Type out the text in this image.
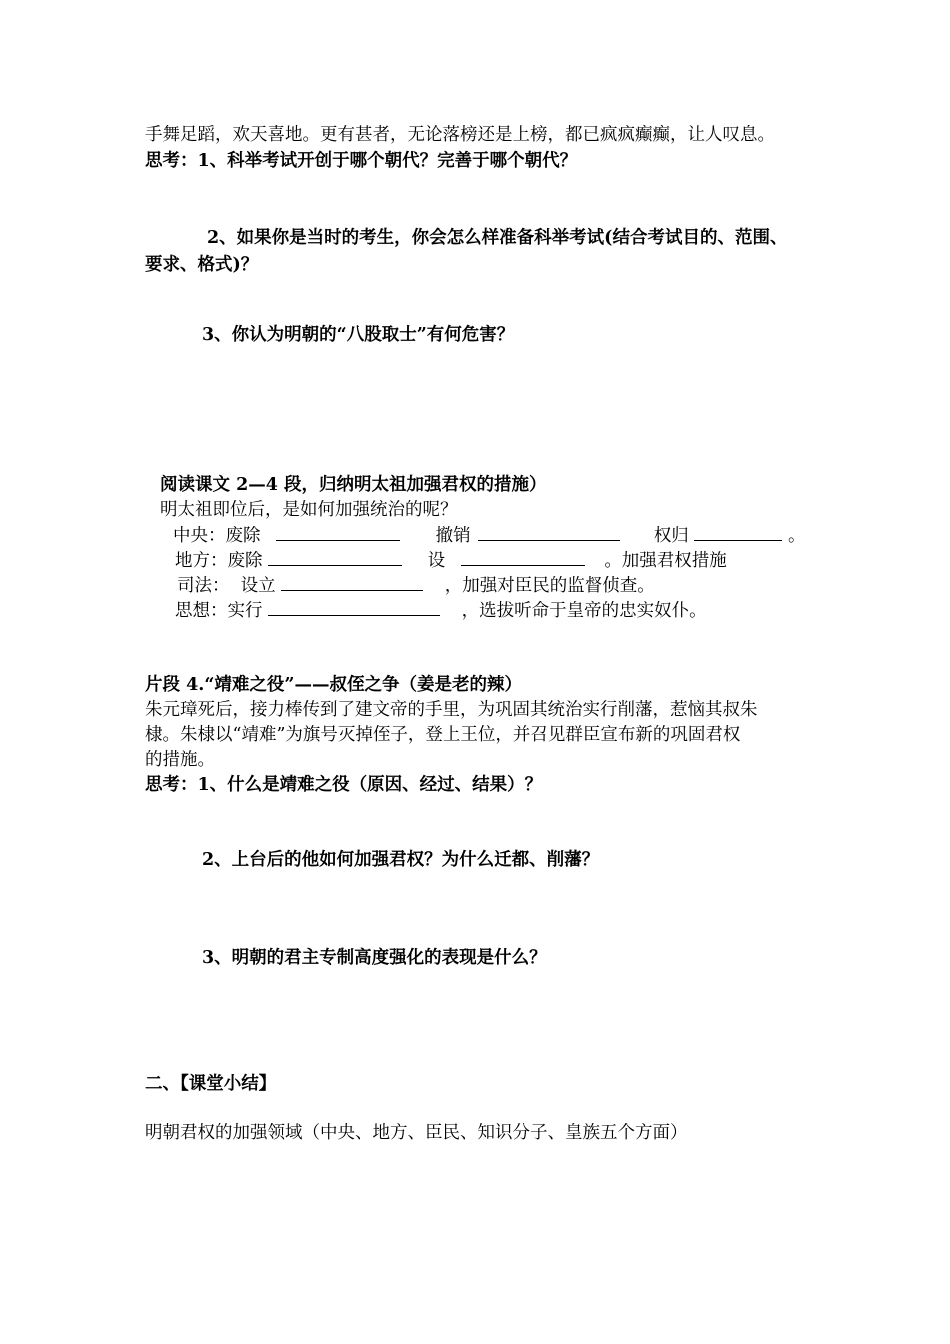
手舞足蹈，欢天喜地。更有甚者，无论落榜还是上榜，都已疯疯癫癫，让人叹息。
思考：1、科举考试开创于哪个朝代？完善于哪个朝代？
2、如果你是当时的考生，你会怎么样准备科举考试(结合考试目的、范围、
要求、格式)？
3、你认为明朝的“八股取士”有何危害？
阅读课文 2—4 段，归纳明太祖加强君权的措施）
明太祖即位后，是如何加强统治的呢？
中央：废除	撤销	权归	。
地方：废除	设	。加强君权措施
司法：  设立	，加强对臣民的监督侦查。
思想：实行	，选拔听命于皇帝的忠实奴仆。
片段 4.“靖难之役”——叔侄之争（姜是老的辣）
朱元璋死后，接力棒传到了建文帝的手里，为巩固其统治实行削藩，惹恼其叔朱
棣。朱棣以“靖难”为旗号灭掉侄子，登上王位，并召见群臣宣布新的巩固君权
的措施。
思考：1、什么是靖难之役（原因、经过、结果）？
2、上台后的他如何加强君权？为什么迁都、削藩？
3、明朝的君主专制高度强化的表现是什么？
二、【课堂小结】
明朝君权的加强领域（中央、地方、臣民、知识分子、皇族五个方面）
